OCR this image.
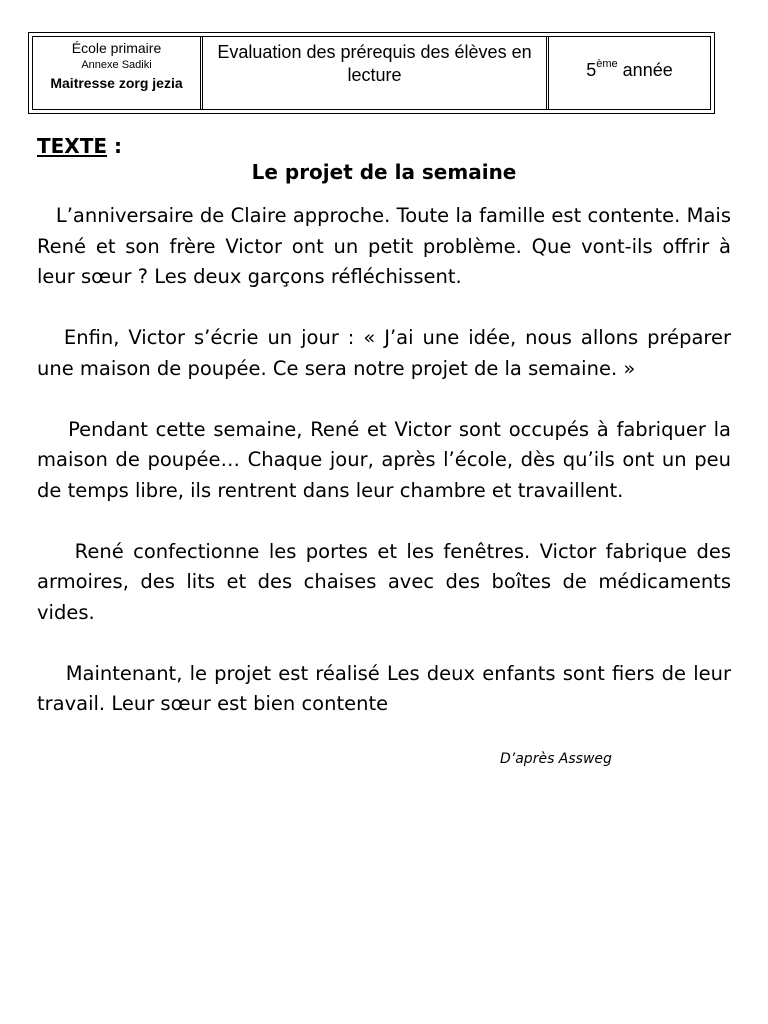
École primaire
Annexe Sadiki
Maitresse zorg jezia
Evaluation des prérequis des élèves en lecture	5ème année
TEXTE :
Le projet de la semaine

L’anniversaire de Claire approche. Toute la famille est contente. Mais René et son frère Victor ont un petit problème. Que vont-ils offrir à leur sœur ? Les deux garçons réfléchissent.

Enfin, Victor s’écrie un jour : « J’ai une idée, nous allons préparer une maison de poupée. Ce sera notre projet de la semaine. »

Pendant cette semaine, René et Victor sont occupés à fabriquer la maison de poupée… Chaque jour, après l’école, dès qu’ils ont un peu de temps libre, ils rentrent dans leur chambre et travaillent.

René confectionne les portes et les fenêtres. Victor fabrique des armoires, des lits et des chaises avec des boîtes de médicaments vides.

Maintenant, le projet est réalisé Les deux enfants sont fiers de leur travail. Leur sœur est bien contente

D’après Assweg
